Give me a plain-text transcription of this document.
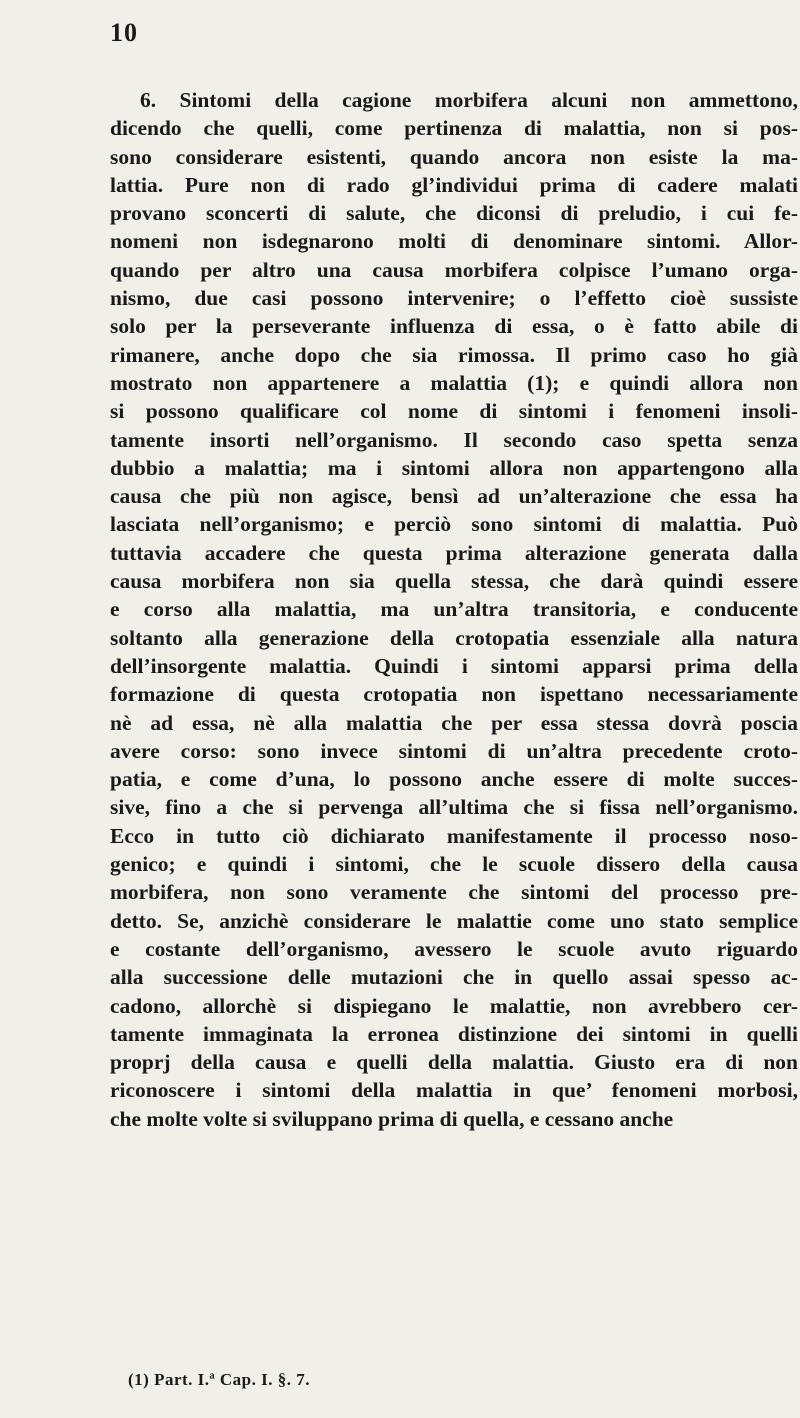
10
6. Sintomi della cagione morbifera alcuni non ammettono,
dicendo che quelli, come pertinenza di malattia, non si pos-
sono considerare esistenti, quando ancora non esiste la ma-
lattia. Pure non di rado gl’individui prima di cadere malati
provano sconcerti di salute, che diconsi di preludio, i cui fe-
nomeni non isdegnarono molti di denominare sintomi. Allor-
quando per altro una causa morbifera colpisce l’umano orga-
nismo, due casi possono intervenire; o l’effetto cioè sussiste
solo per la perseverante influenza di essa, o è fatto abile di
rimanere, anche dopo che sia rimossa. Il primo caso ho già
mostrato non appartenere a malattia (1); e quindi allora non
si possono qualificare col nome di sintomi i fenomeni insoli-
tamente insorti nell’organismo. Il secondo caso spetta senza
dubbio a malattia; ma i sintomi allora non appartengono alla
causa che più non agisce, bensì ad un’alterazione che essa ha
lasciata nell’organismo; e perciò sono sintomi di malattia. Può
tuttavia accadere che questa prima alterazione generata dalla
causa morbifera non sia quella stessa, che darà quindi essere
e corso alla malattia, ma un’altra transitoria, e conducente
soltanto alla generazione della crotopatia essenziale alla natura
dell’insorgente malattia. Quindi i sintomi apparsi prima della
formazione di questa crotopatia non ispettano necessariamente
nè ad essa, nè alla malattia che per essa stessa dovrà poscia
avere corso: sono invece sintomi di un’altra precedente croto-
patia, e come d’una, lo possono anche essere di molte succes-
sive, fino a che si pervenga all’ultima che si fissa nell’organismo.
Ecco in tutto ciò dichiarato manifestamente il processo noso-
genico; e quindi i sintomi, che le scuole dissero della causa
morbifera, non sono veramente che sintomi del processo pre-
detto. Se, anzichè considerare le malattie come uno stato semplice
e costante dell’organismo, avessero le scuole avuto riguardo
alla successione delle mutazioni che in quello assai spesso ac-
cadono, allorchè si dispiegano le malattie, non avrebbero cer-
tamente immaginata la erronea distinzione dei sintomi in quelli
proprj della causa e quelli della malattia. Giusto era di non
riconoscere i sintomi della malattia in que’ fenomeni morbosi,
che molte volte si sviluppano prima di quella, e cessano anche
(1) Part. I.ª Cap. I. §. 7.
